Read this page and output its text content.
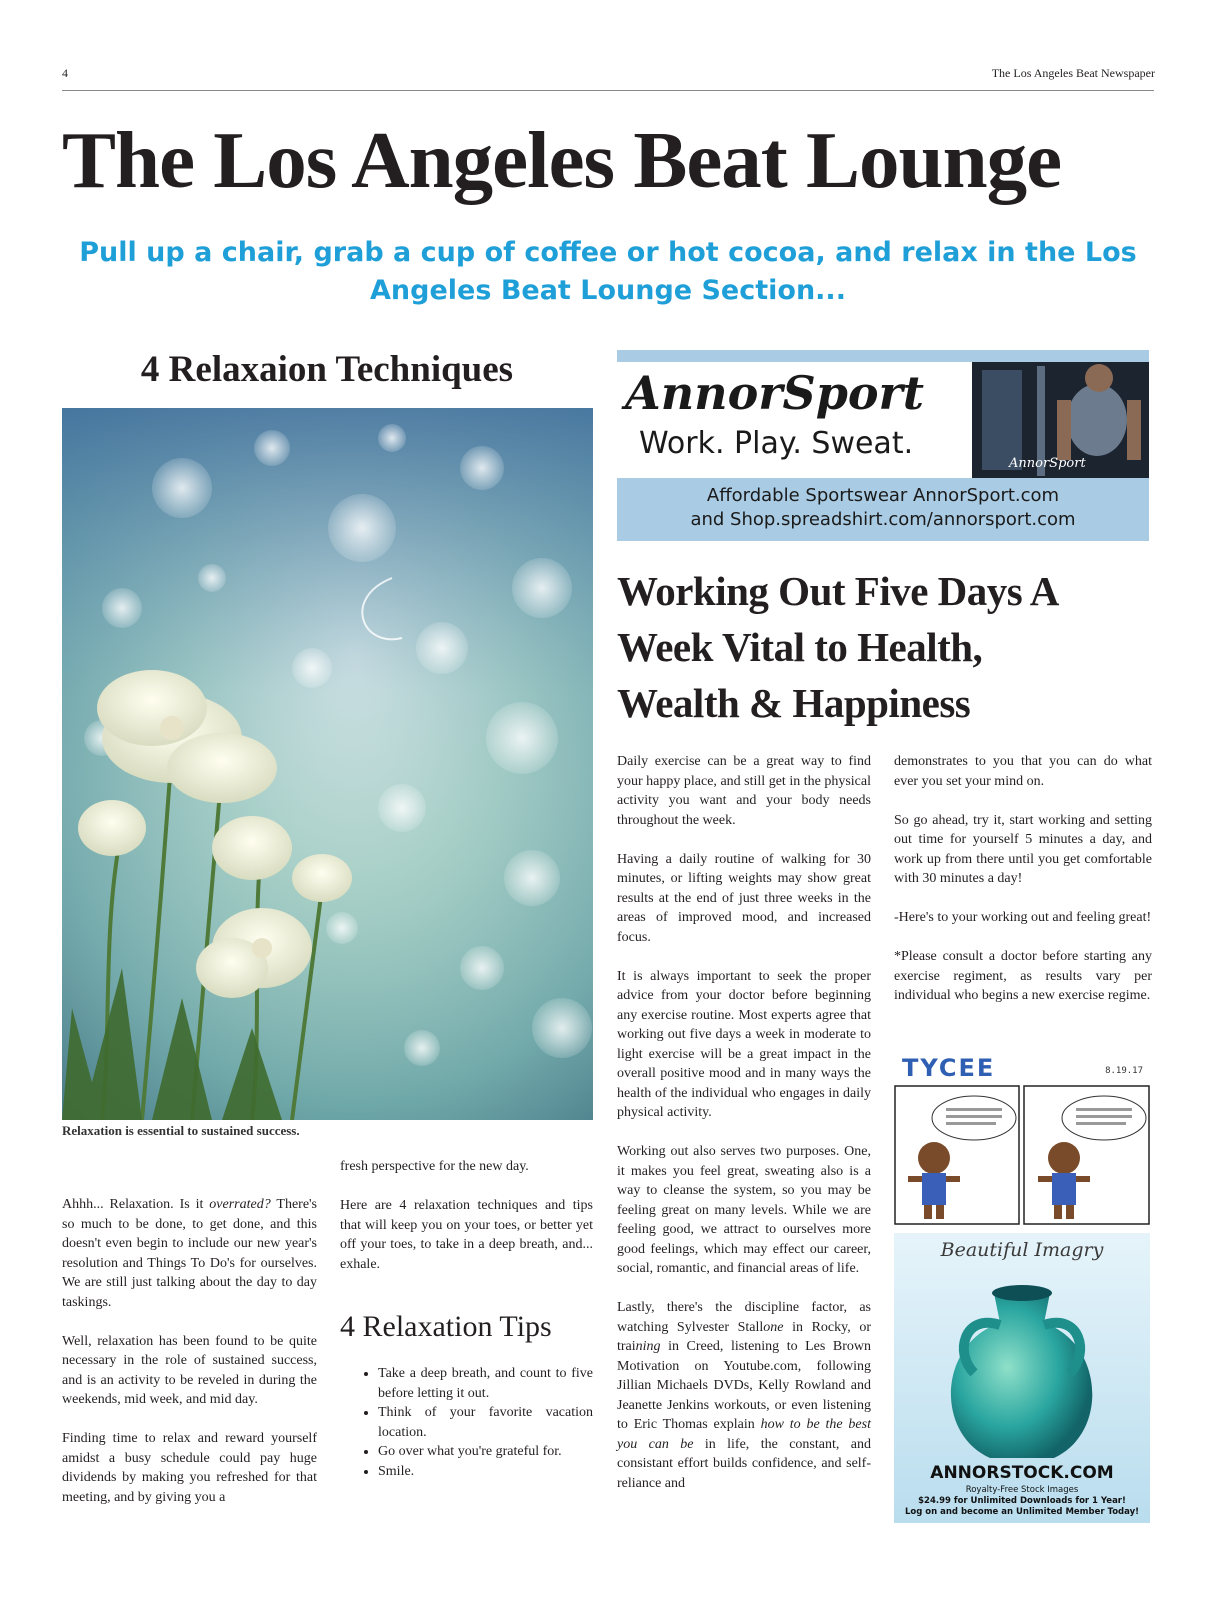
4	The Los Angeles Beat Newspaper
The Los Angeles Beat Lounge
Pull up a chair, grab a cup of coffee or hot cocoa, and relax in the Los Angeles Beat Lounge Section...
4 Relaxaion Techniques
Relaxation is essential to sustained success.

Ahhh... Relaxation. Is it overrated? There's so much to be done, to get done, and this doesn't even begin to include our new year's resolution and Things To Do's for ourselves. We are still just talking about the day to day taskings.

Well, relaxation has been found to be quite necessary in the role of sustained success, and is an activity to be reveled in during the weekends, mid week, and mid day.

Finding time to relax and reward yourself amidst a busy schedule could pay huge dividends by making you refreshed for that meeting, and by giving you a

fresh perspective for the new day.

Here are 4 relaxation techniques and tips that will keep you on your toes, or better yet off your toes, to take in a deep breath, and... exhale.

4 Relaxation Tips
• Take a deep breath, and count to five before letting it out.
• Think of your favorite vacation location.
• Go over what you're grateful for.
• Smile.
AnnorSport
Work. Play. Sweat.
AnnorSport
Affordable Sportswear AnnorSport.com
and Shop.spreadshirt.com/annorsport.com
Working Out Five Days A
Week Vital to Health,
Wealth & Happiness

Daily exercise can be a great way to find your happy place, and still get in the physical activity you want and your body needs throughout the week.

Having a daily routine of walking for 30 minutes, or lifting weights may show great results at the end of just three weeks in the areas of improved mood, and increased focus.

It is always important to seek the proper advice from your doctor before beginning any exercise routine. Most experts agree that working out five days a week in moderate to light exercise will be a great impact in the overall positive mood and in many ways the health of the individual who engages in daily physical activity.

Working out also serves two purposes. One, it makes you feel great, sweating also is a way to cleanse the system, so you may be feeling great on many levels. While we are feeling good, we attract to ourselves more good feelings, which may effect our career, social, romantic, and financial areas of life.

Lastly, there's the discipline factor, as watching Sylvester Stallone in Rocky, or training in Creed, listening to Les Brown Motivation on Youtube.com, following Jillian Michaels DVDs, Kelly Rowland and Jeanette Jenkins workouts, or even listening to Eric Thomas explain how to be the best you can be in life, the constant, and consistant effort builds confidence, and self-reliance and

demonstrates to you that you can do what ever you set your mind on.

So go ahead, try it, start working and setting out time for yourself 5 minutes a day, and work up from there until you get comfortable with 30 minutes a day!

-Here's to your working out and feeling great!

*Please consult a doctor before starting any exercise regiment, as results vary per individual who begins a new exercise regime.

TYCEE	8.19.17
Beautiful Imagry
ANNORSTOCK.COM
Royalty-Free Stock Images
$24.99 for Unlimited Downloads for 1 Year!
Log on and become an Unlimited Member Today!
